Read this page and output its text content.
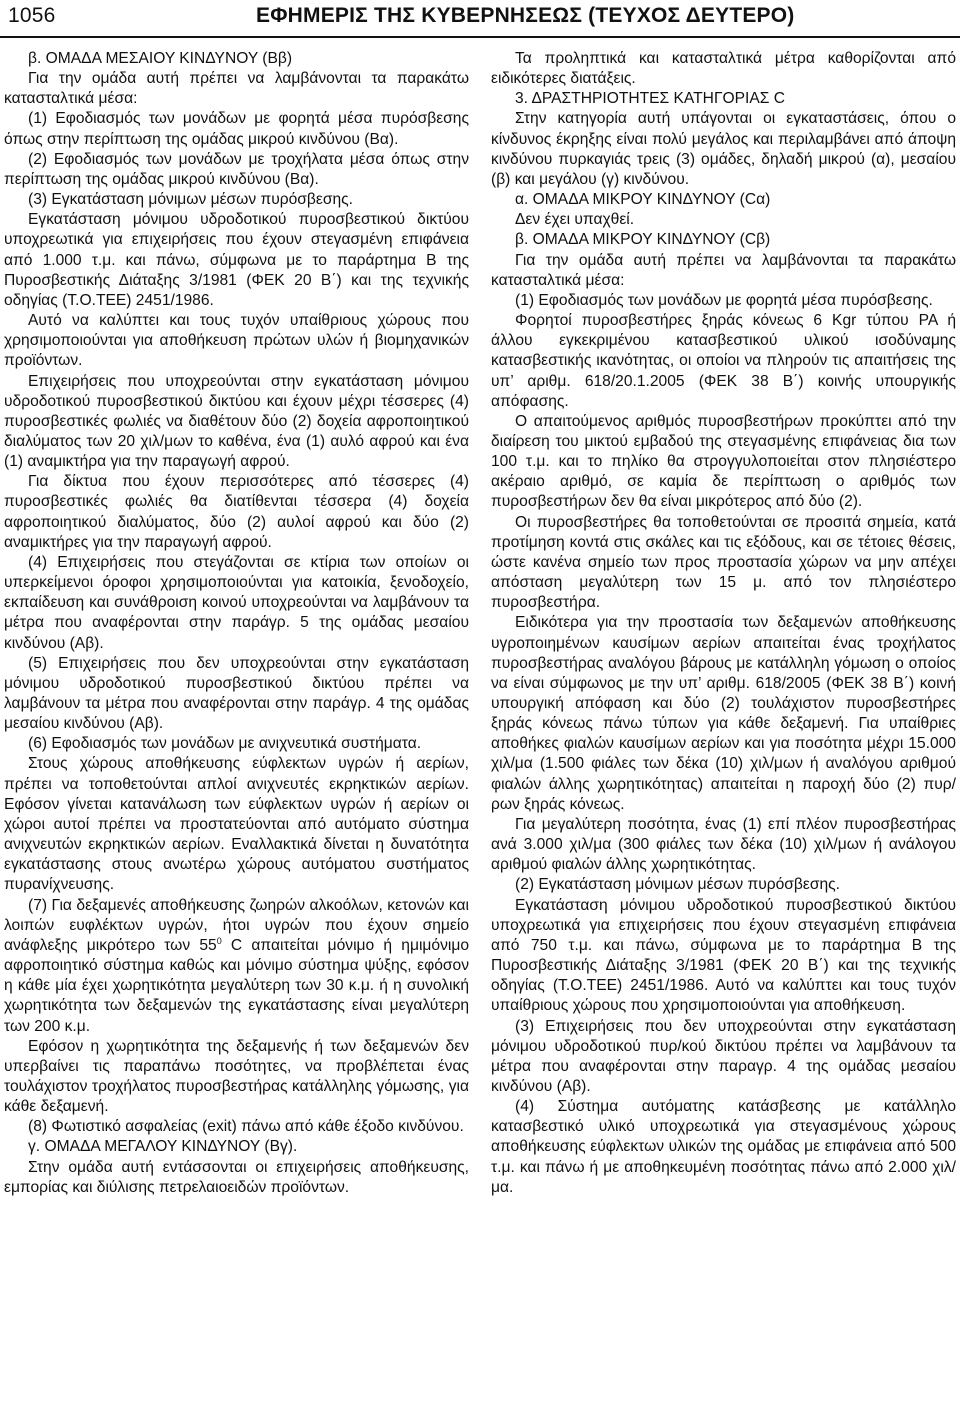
1056	ΕΦΗΜΕΡΙΣ ΤΗΣ ΚΥΒΕΡΝΗΣΕΩΣ (ΤΕΥΧΟΣ ΔΕΥΤΕΡΟ)

β. ΟΜΑΔΑ ΜΕΣΑΙΟΥ ΚΙΝΔΥΝΟΥ (Ββ)

Για την ομάδα αυτή πρέπει να λαμβάνονται τα παρακάτω κατασταλτικά μέσα:

(1) Εφοδιασμός των μονάδων με φορητά μέσα πυρόσβεσης όπως στην περίπτωση της ομάδας μικρού κινδύνου (Βα).

(2) Εφοδιασμός των μονάδων με τροχήλατα μέσα όπως στην περίπτωση της ομάδας μικρού κινδύνου (Βα).

(3) Εγκατάσταση μόνιμων μέσων πυρόσβεσης.

Εγκατάσταση μόνιμου υδροδοτικού πυροσβεστικού δικτύου υποχρεωτικά για επιχειρήσεις που έχουν στεγασμένη επιφάνεια από 1.000 τ.μ. και πάνω, σύμφωνα με το παράρτημα Β της Πυροσβεστικής Διάταξης 3/1981 (ΦΕΚ 20 Β΄) και της τεχνικής οδηγίας (Τ.Ο.ΤΕΕ) 2451/1986.

Αυτό να καλύπτει και τους τυχόν υπαίθριους χώρους που χρησιμοποιούνται για αποθήκευση πρώτων υλών ή βιομηχανικών προϊόντων.

Επιχειρήσεις που υποχρεούνται στην εγκατάσταση μόνιμου υδροδοτικού πυροσβεστικού δικτύου και έχουν μέχρι τέσσερες (4) πυροσβεστικές φωλιές να διαθέτουν δύο (2) δοχεία αφροποιητικού διαλύματος των 20 χιλ/μων το καθένα, ένα (1) αυλό αφρού και ένα (1) αναμικτήρα για την παραγωγή αφρού.

Για δίκτυα που έχουν περισσότερες από τέσσερες (4) πυροσβεστικές φωλιές θα διατίθενται τέσσερα (4) δοχεία αφροποιητικού διαλύματος, δύο (2) αυλοί αφρού και δύο (2) αναμικτήρες για την παραγωγή αφρού.

(4) Επιχειρήσεις που στεγάζονται σε κτίρια των οποίων οι υπερκείμενοι όροφοι χρησιμοποιούνται για κατοικία, ξενοδοχείο, εκπαίδευση και συνάθροιση κοινού υποχρεούνται να λαμβάνουν τα μέτρα που αναφέρονται στην παράγρ. 5 της ομάδας μεσαίου κινδύνου (Αβ).

(5) Επιχειρήσεις που δεν υποχρεούνται στην εγκατάσταση μόνιμου υδροδοτικού πυροσβεστικού δικτύου πρέπει να λαμβάνουν τα μέτρα που αναφέρονται στην παράγρ. 4 της ομάδας μεσαίου κινδύνου (Αβ).

(6) Εφοδιασμός των μονάδων με ανιχνευτικά συστήματα.

Στους χώρους αποθήκευσης εύφλεκτων υγρών ή αερίων, πρέπει να τοποθετούνται απλοί ανιχνευτές εκρηκτικών αερίων. Εφόσον γίνεται κατανάλωση των εύφλεκτων υγρών ή αερίων οι χώροι αυτοί πρέπει να προστατεύονται από αυτόματο σύστημα ανιχνευτών εκρηκτικών αερίων. Εναλλακτικά δίνεται η δυνατότητα εγκατάστασης στους ανωτέρω χώρους αυτόματου συστήματος πυρανίχνευσης.

(7) Για δεξαμενές αποθήκευσης ζωηρών αλκοόλων, κετονών και λοιπών ευφλέκτων υγρών, ήτοι υγρών που έχουν σημείο ανάφλεξης μικρότερο των $55^0$ C απαιτείται μόνιμο ή ημιμόνιμο αφροποιητικό σύστημα καθώς και μόνιμο σύστημα ψύξης, εφόσον η κάθε μία έχει χωρητικότητα μεγαλύτερη των 30 κ.μ. ή η συνολική χωρητικότητα των δεξαμενών της εγκατάστασης είναι μεγαλύτερη των 200 κ.μ.

Εφόσον η χωρητικότητα της δεξαμενής ή των δεξαμενών δεν υπερβαίνει τις παραπάνω ποσότητες, να προβλέπεται ένας τουλάχιστον τροχήλατος πυροσβεστήρας κατάλληλης γόμωσης, για κάθε δεξαμενή.

(8) Φωτιστικό ασφαλείας (exit) πάνω από κάθε έξοδο κινδύνου.

γ. ΟΜΑΔΑ ΜΕΓΑΛΟΥ ΚΙΝΔΥΝΟΥ (Βγ).

Στην ομάδα αυτή εντάσσονται οι επιχειρήσεις αποθήκευσης, εμπορίας και διύλισης πετρελαιοειδών προϊόντων.

Τα προληπτικά και κατασταλτικά μέτρα καθορίζονται από ειδικότερες διατάξεις.

3. ΔΡΑΣΤΗΡΙΟΤΗΤΕΣ ΚΑΤΗΓΟΡΙΑΣ C

Στην κατηγορία αυτή υπάγονται οι εγκαταστάσεις, όπου ο κίνδυνος έκρηξης είναι πολύ μεγάλος και περιλαμβάνει από άποψη κινδύνου πυρκαγιάς τρεις (3) ομάδες, δηλαδή μικρού (α), μεσαίου (β) και μεγάλου (γ) κινδύνου.

α. ΟΜΑΔΑ ΜΙΚΡΟΥ ΚΙΝΔΥΝΟΥ (Cα)

Δεν έχει υπαχθεί.

β. ΟΜΑΔΑ ΜΙΚΡΟΥ ΚΙΝΔΥΝΟΥ (Cβ)

Για την ομάδα αυτή πρέπει να λαμβάνονται τα παρακάτω κατασταλτικά μέσα:

(1) Εφοδιασμός των μονάδων με φορητά μέσα πυρόσβεσης.

Φορητοί πυροσβεστήρες ξηράς κόνεως 6 Kgr τύπου ΡΑ ή άλλου εγκεκριμένου κατασβεστικού υλικού ισοδύναμης κατασβεστικής ικανότητας, οι οποίοι να πληρούν τις απαιτήσεις της υπ’ αριθμ. 618/20.1.2005 (ΦΕΚ 38 Β΄) κοινής υπουργικής απόφασης.

Ο απαιτούμενος αριθμός πυροσβεστήρων προκύπτει από την διαίρεση του μικτού εμβαδού της στεγασμένης επιφάνειας δια των 100 τ.μ. και το πηλίκο θα στρογγυλοποιείται στον πλησιέστερο ακέραιο αριθμό, σε καμία δε περίπτωση ο αριθμός των πυροσβεστήρων δεν θα είναι μικρότερος από δύο (2).

Οι πυροσβεστήρες θα τοποθετούνται σε προσιτά σημεία, κατά προτίμηση κοντά στις σκάλες και τις εξόδους, και σε τέτοιες θέσεις, ώστε κανένα σημείο των προς προστασία χώρων να μην απέχει απόσταση μεγαλύτερη των 15 μ. από τον πλησιέστερο πυροσβεστήρα.

Ειδικότερα για την προστασία των δεξαμενών αποθήκευσης υγροποιημένων καυσίμων αερίων απαιτείται ένας τροχήλατος πυροσβεστήρας αναλόγου βάρους με κατάλληλη γόμωση ο οποίος να είναι σύμφωνος με την υπ’ αριθμ. 618/2005 (ΦΕΚ 38 Β΄) κοινή υπουργική απόφαση και δύο (2) τουλάχιστον πυροσβεστήρες ξηράς κόνεως πάνω τύπων για κάθε δεξαμενή. Για υπαίθριες αποθήκες φιαλών καυσίμων αερίων και για ποσότητα μέχρι 15.000 χιλ/μα (1.500 φιάλες των δέκα (10) χιλ/μων ή αναλόγου αριθμού φιαλών άλλης χωρητικότητας) απαιτείται η παροχή δύο (2) πυρ/ρων ξηράς κόνεως.

Για μεγαλύτερη ποσότητα, ένας (1) επί πλέον πυροσβεστήρας ανά 3.000 χιλ/μα (300 φιάλες των δέκα (10) χιλ/μων ή ανάλογου αριθμού φιαλών άλλης χωρητικότητας.

(2) Εγκατάσταση μόνιμων μέσων πυρόσβεσης.

Εγκατάσταση μόνιμου υδροδοτικού πυροσβεστικού δικτύου υποχρεωτικά για επιχειρήσεις που έχουν στεγασμένη επιφάνεια από 750 τ.μ. και πάνω, σύμφωνα με το παράρτημα Β της Πυροσβεστικής Διάταξης 3/1981 (ΦΕΚ 20 Β΄) και της τεχνικής οδηγίας (Τ.Ο.ΤΕΕ) 2451/1986. Αυτό να καλύπτει και τους τυχόν υπαίθριους χώρους που χρησιμοποιούνται για αποθήκευση.

(3) Επιχειρήσεις που δεν υποχρεούνται στην εγκατάσταση μόνιμου υδροδοτικού πυρ/κού δικτύου πρέπει να λαμβάνουν τα μέτρα που αναφέρονται στην παραγρ. 4 της ομάδας μεσαίου κινδύνου (Αβ).

(4) Σύστημα αυτόματης κατάσβεσης με κατάλληλο κατασβεστικό υλικό υποχρεωτικά για στεγασμένους χώρους αποθήκευσης εύφλεκτων υλικών της ομάδας με επιφάνεια από 500 τ.μ. και πάνω ή με αποθηκευμένη ποσότητας πάνω από 2.000 χιλ/μα.
